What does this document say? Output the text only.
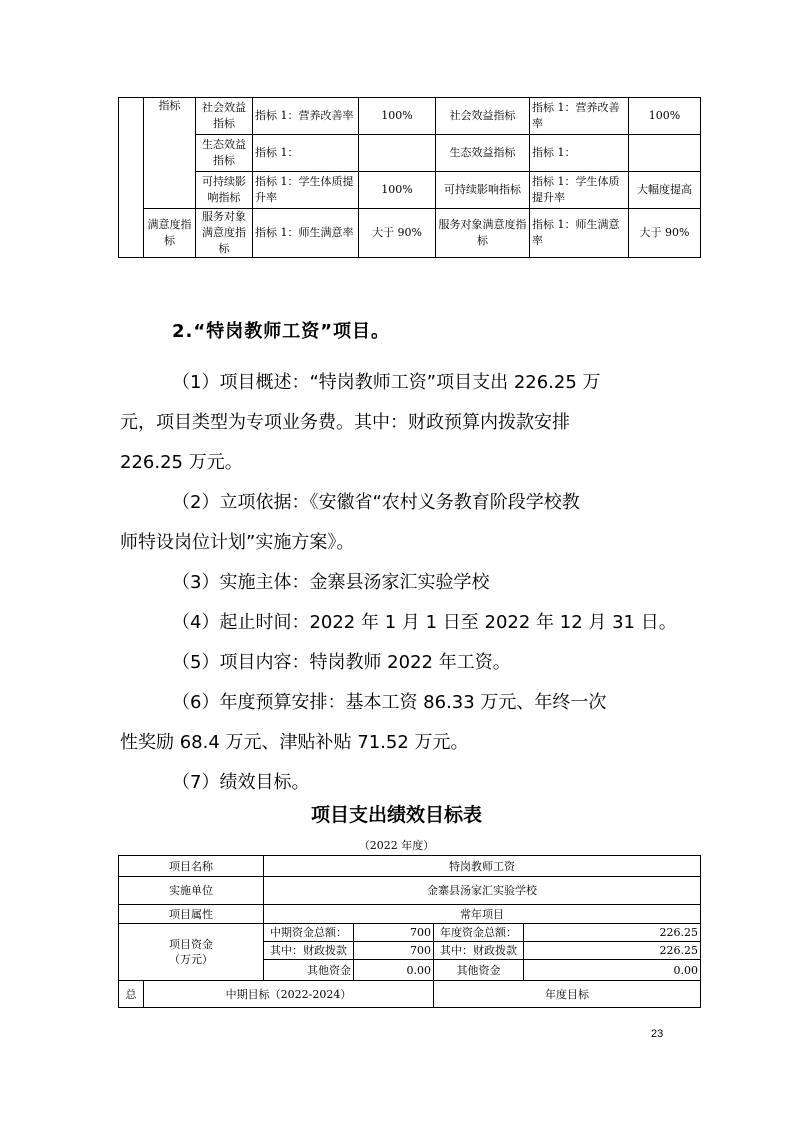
	指标	社会效益指标	指标 1：营养改善率	100%	社会效益指标	指标 1：营养改善率	100%
		生态效益指标	指标 1：		生态效益指标	指标 1：	
		可持续影响指标	指标 1：学生体质提升率	100%	可持续影响指标	指标 1：学生体质提升率	大幅度提高
	满意度指标	服务对象满意度指标	指标 1：师生满意率	大于 90%	服务对象满意度指标	指标 1：师生满意率	大于 90%
2.“特岗教师工资”项目。
（1）项目概述：“特岗教师工资”项目支出 226.25 万
元，项目类型为专项业务费。其中：财政预算内拨款安排
226.25 万元。
（2）立项依据：《安徽省“农村义务教育阶段学校教
师特设岗位计划”实施方案》。
（3）实施主体：金寨县汤家汇实验学校
（4）起止时间：2022 年 1 月 1 日至 2022 年 12 月 31 日。
（5）项目内容：特岗教师 2022 年工资。
（6）年度预算安排：基本工资 86.33 万元、年终一次
性奖励 68.4 万元、津贴补贴 71.52 万元。
（7）绩效目标。
项目支出绩效目标表
（2022 年度）
项目名称		特岗教师工资			
实施单位		金寨县汤家汇实验学校			
项目属性		常年项目			

项目资金
（万元）		中期资金总额：	700	年度资金总额：	226.25
		其中：财政拨款	700	其中：财政拨款	226.25
		其他资金	0.00	其他资金	0.00
总	中期目标（2022-2024）			年度目标	
23
